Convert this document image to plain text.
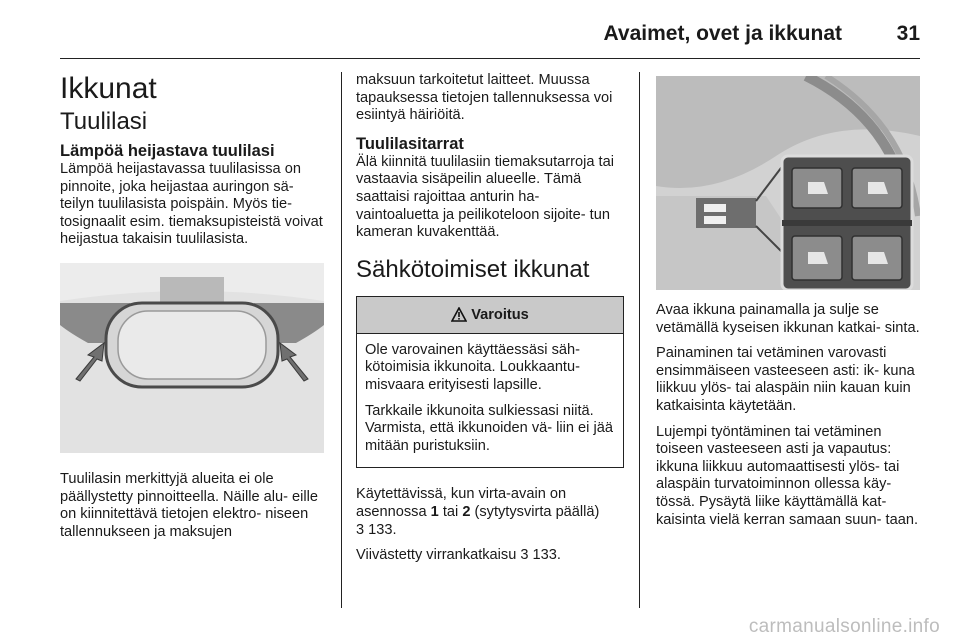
Avaimet, ovet ja ikkunat	31
Ikkunat
Tuulilasi
Lämpöä heijastava tuulilasi

Lämpöä heijastavassa tuulilasissa on pinnoite, joka heijastaa auringon sä- teilyn tuulilasista poispäin. Myös tie- tosignaalit esim. tiemaksupisteistä voivat heijastua takaisin tuulilasista.

Tuulilasin merkittyjä alueita ei ole päällystetty pinnoitteella. Näille alu- eille on kiinnitettävä tietojen elektro- niseen tallennukseen ja maksujen

maksuun tarkoitetut laitteet. Muussa tapauksessa tietojen tallennuksessa voi esiintyä häiriöitä.

Tuulilasitarrat

Älä kiinnitä tuulilasiin tiemaksutarroja tai vastaavia sisäpeilin alueelle. Tämä saattaisi rajoittaa anturin ha- vaintoaluetta ja peilikoteloon sijoite- tun kameran kuvakenttää.

Sähkötoimiset ikkunat
Varoitus

Ole varovainen käyttäessäsi säh- kötoimisia ikkunoita. Loukkaantu- misvaara erityisesti lapsille.

Tarkkaile ikkunoita sulkiessasi niitä. Varmista, että ikkunoiden vä- liin ei jää mitään puristuksiin.

Käytettävissä, kun virta-avain on asennossa 1 tai 2 (sytytysvirta päällä)
3 133.

Viivästetty virrankatkaisu 3 133.

Avaa ikkuna painamalla ja sulje se vetämällä kyseisen ikkunan katkai- sinta.

Painaminen tai vetäminen varovasti ensimmäiseen vasteeseen asti: ik- kuna liikkuu ylös- tai alaspäin niin kauan kuin katkaisinta käytetään.

Lujempi työntäminen tai vetäminen toiseen vasteeseen asti ja vapautus: ikkuna liikkuu automaattisesti ylös- tai alaspäin turvatoiminnon ollessa käy- tössä. Pysäytä liike käyttämällä kat- kaisinta vielä kerran samaan suun- taan.

carmanualsonline.info
